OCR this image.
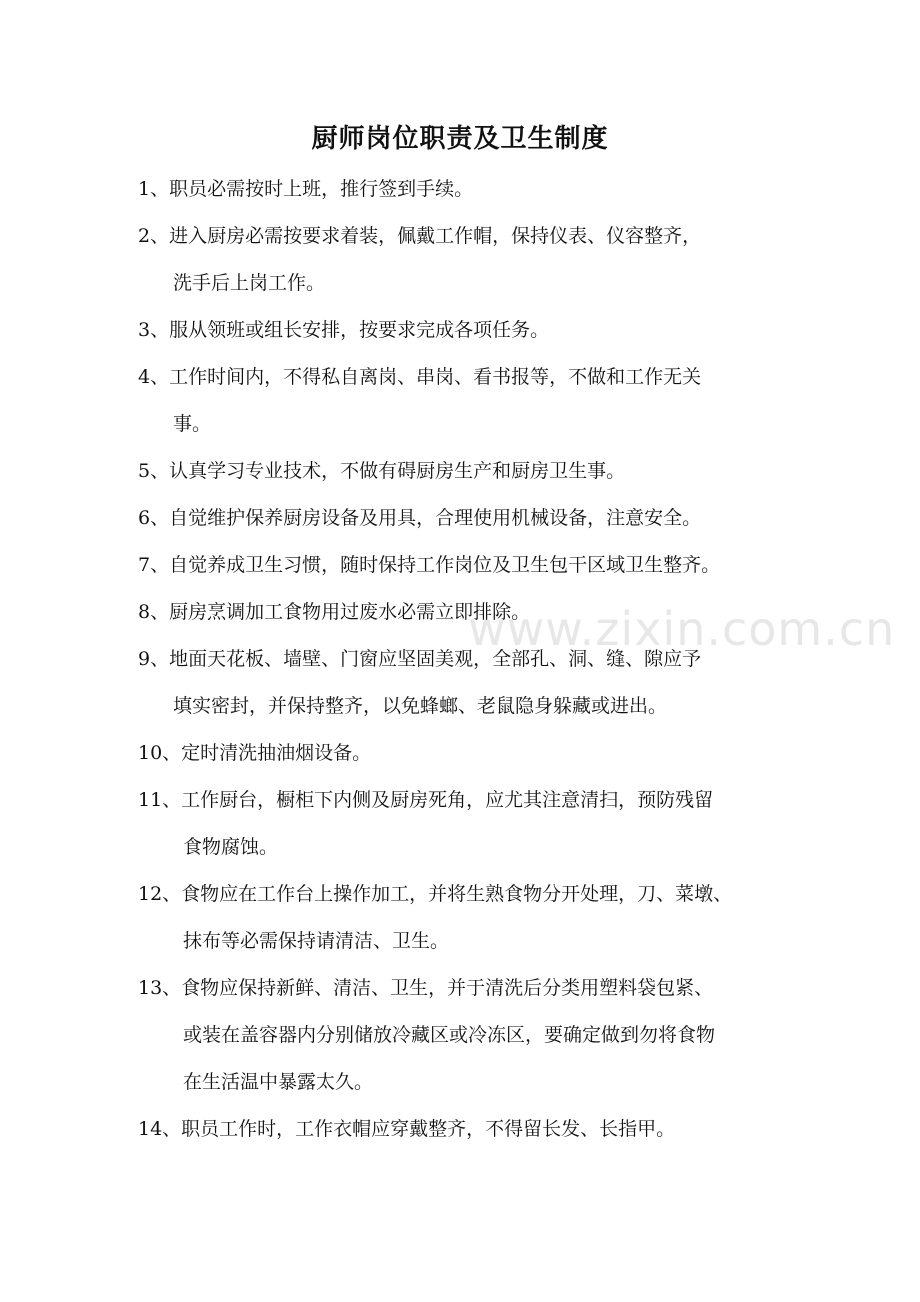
厨师岗位职责及卫生制度
1、职员必需按时上班，推行签到手续。
2、进入厨房必需按要求着装，佩戴工作帽，保持仪表、仪容整齐，
洗手后上岗工作。
3、服从领班或组长安排，按要求完成各项任务。
4、工作时间内，不得私自离岗、串岗、看书报等，不做和工作无关
事。
5、认真学习专业技术，不做有碍厨房生产和厨房卫生事。
6、自觉维护保养厨房设备及用具，合理使用机械设备，注意安全。
7、自觉养成卫生习惯，随时保持工作岗位及卫生包干区域卫生整齐。
8、厨房烹调加工食物用过废水必需立即排除。
9、地面天花板、墙壁、门窗应坚固美观，全部孔、洞、缝、隙应予
填实密封，并保持整齐，以免蜂螂、老鼠隐身躲藏或进出。
10、定时清洗抽油烟设备。
11、工作厨台，橱柜下内侧及厨房死角，应尤其注意清扫，预防残留
食物腐蚀。
12、食物应在工作台上操作加工，并将生熟食物分开处理，刀、菜墩、
抹布等必需保持请清洁、卫生。
13、食物应保持新鲜、清洁、卫生，并于清洗后分类用塑料袋包紧、
或装在盖容器内分别储放冷藏区或冷冻区，要确定做到勿将食物
在生活温中暴露太久。
14、职员工作时，工作衣帽应穿戴整齐，不得留长发、长指甲。
www.zixin.com.cn
